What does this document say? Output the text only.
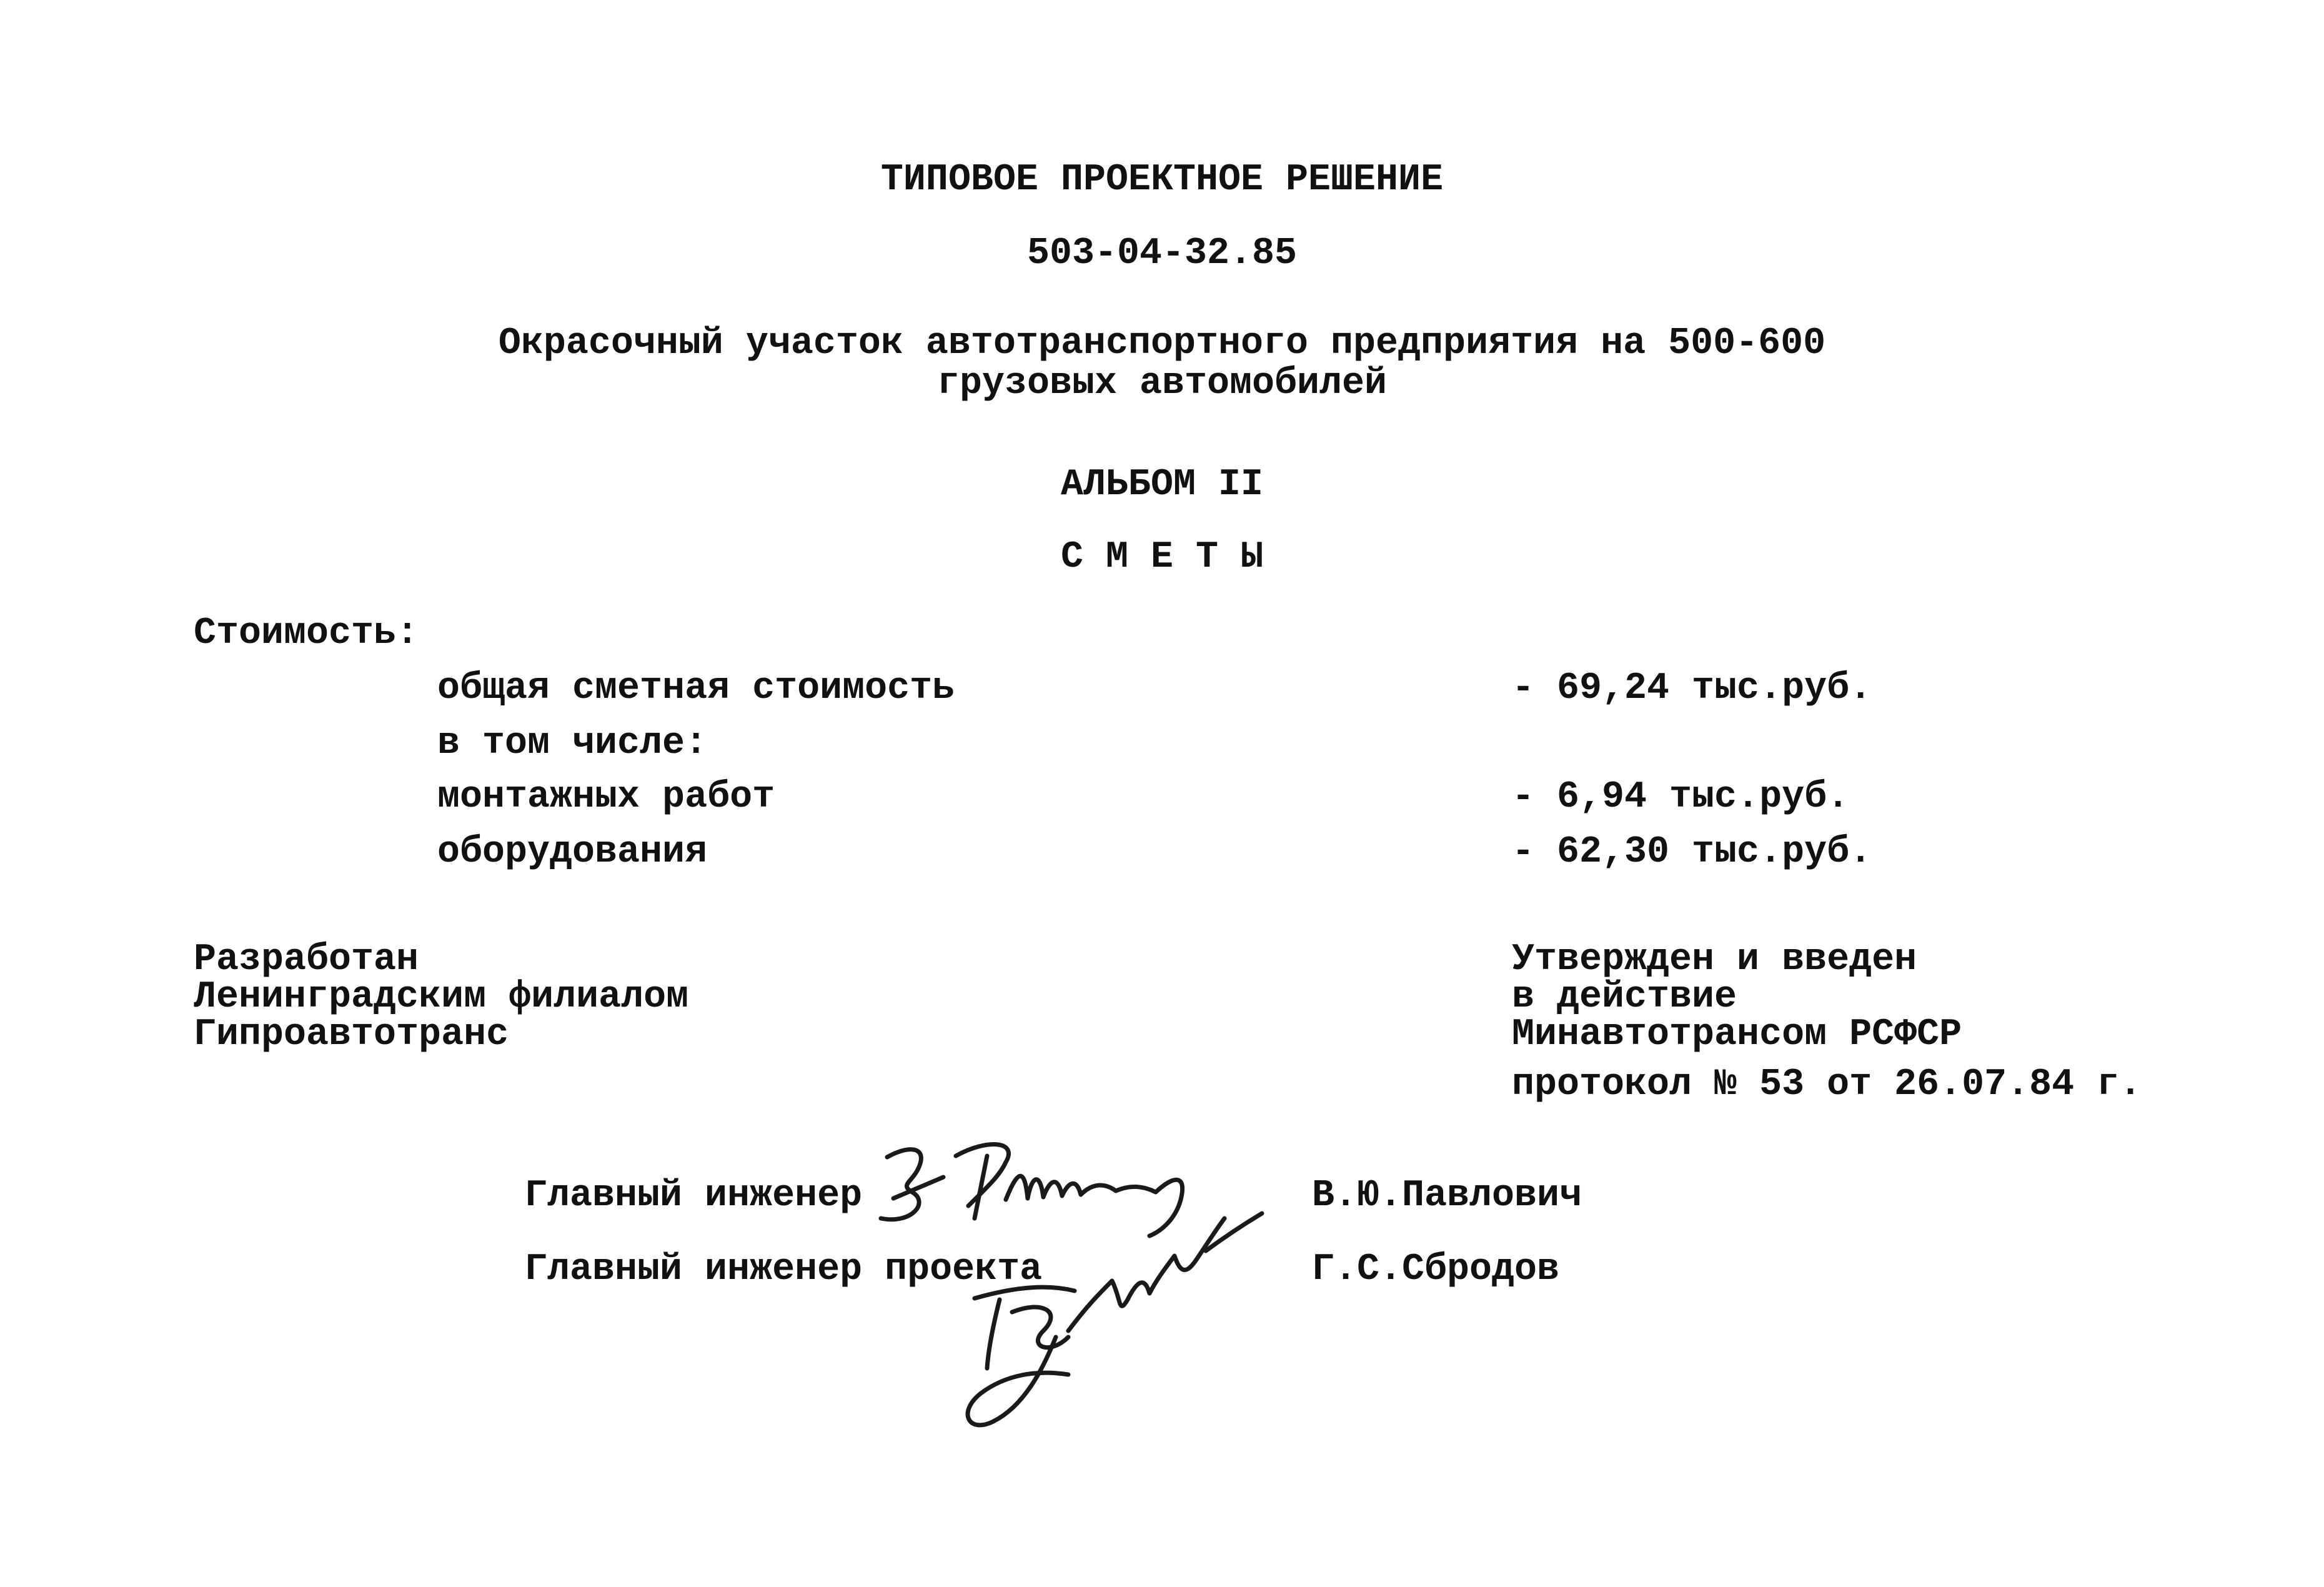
ТИПОВОЕ ПРОЕКТНОЕ РЕШЕНИЕ
503-04-32.85
Окрасочный участок автотранспортного предприятия на 500-600
грузовых автомобилей
АЛЬБОМ II
С М Е Т Ы
Стоимость:
общая сметная стоимость	- 69,24 тыс.руб.
в том числе:
монтажных работ	- 6,94 тыс.руб.
оборудования	- 62,30 тыс.руб.
Разработан
Ленинградским филиалом
Гипроавтотранс
Утвержден и введен
в действие
Минавтотрансом РСФСР
протокол № 53 от 26.07.84 г.
Главный инженер	В.Ю.Павлович
Главный инженер проекта	Г.С.Сбродов
